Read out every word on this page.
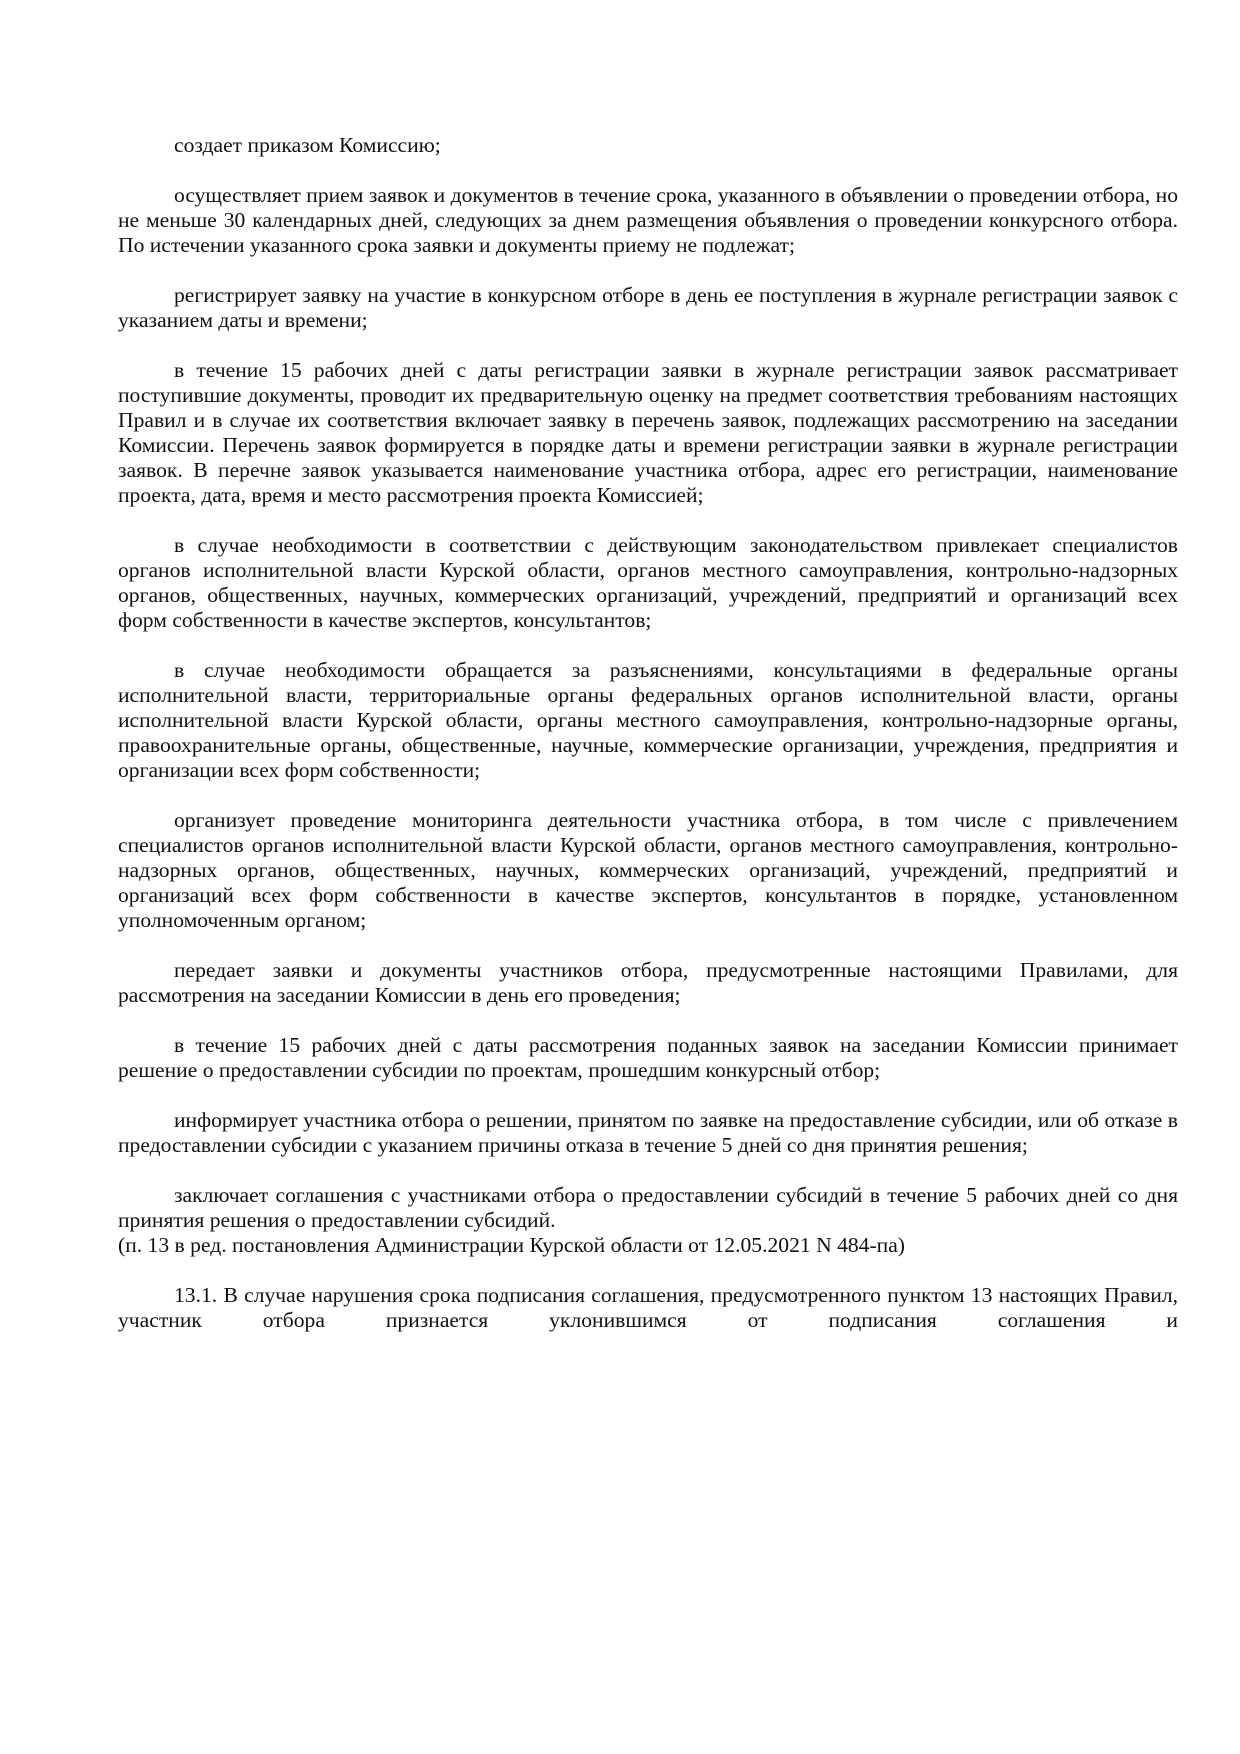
создает приказом Комиссию;

осуществляет прием заявок и документов в течение срока, указанного в объявлении о проведении отбора, но не меньше 30 календарных дней, следующих за днем размещения объявления о проведении конкурсного отбора. По истечении указанного срока заявки и документы приему не подлежат;

регистрирует заявку на участие в конкурсном отборе в день ее поступления в журнале регистрации заявок с указанием даты и времени;

в течение 15 рабочих дней с даты регистрации заявки в журнале регистрации заявок рассматривает поступившие документы, проводит их предварительную оценку на предмет соответствия требованиям настоящих Правил и в случае их соответствия включает заявку в перечень заявок, подлежащих рассмотрению на заседании Комиссии. Перечень заявок формируется в порядке даты и времени регистрации заявки в журнале регистрации заявок. В перечне заявок указывается наименование участника отбора, адрес его регистрации, наименование проекта, дата, время и место рассмотрения проекта Комиссией;

в случае необходимости в соответствии с действующим законодательством привлекает специалистов органов исполнительной власти Курской области, органов местного самоуправления, контрольно-надзорных органов, общественных, научных, коммерческих организаций, учреждений, предприятий и организаций всех форм собственности в качестве экспертов, консультантов;

в случае необходимости обращается за разъяснениями, консультациями в федеральные органы исполнительной власти, территориальные органы федеральных органов исполнительной власти, органы исполнительной власти Курской области, органы местного самоуправления, контрольно-надзорные органы, правоохранительные органы, общественные, научные, коммерческие организации, учреждения, предприятия и организации всех форм собственности;

организует проведение мониторинга деятельности участника отбора, в том числе с привлечением специалистов органов исполнительной власти Курской области, органов местного самоуправления, контрольно-надзорных органов, общественных, научных, коммерческих организаций, учреждений, предприятий и организаций всех форм собственности в качестве экспертов, консультантов в порядке, установленном уполномоченным органом;

передает заявки и документы участников отбора, предусмотренные настоящими Правилами, для рассмотрения на заседании Комиссии в день его проведения;

в течение 15 рабочих дней с даты рассмотрения поданных заявок на заседании Комиссии принимает решение о предоставлении субсидии по проектам, прошедшим конкурсный отбор;

информирует участника отбора о решении, принятом по заявке на предоставление субсидии, или об отказе в предоставлении субсидии с указанием причины отказа в течение 5 дней со дня принятия решения;

заключает соглашения с участниками отбора о предоставлении субсидий в течение 5 рабочих дней со дня принятия решения о предоставлении субсидий.

(п. 13 в ред. постановления Администрации Курской области от 12.05.2021 N 484-па)

13.1. В случае нарушения срока подписания соглашения, предусмотренного пунктом 13 настоящих Правил, участник отбора признается уклонившимся от подписания соглашения и
